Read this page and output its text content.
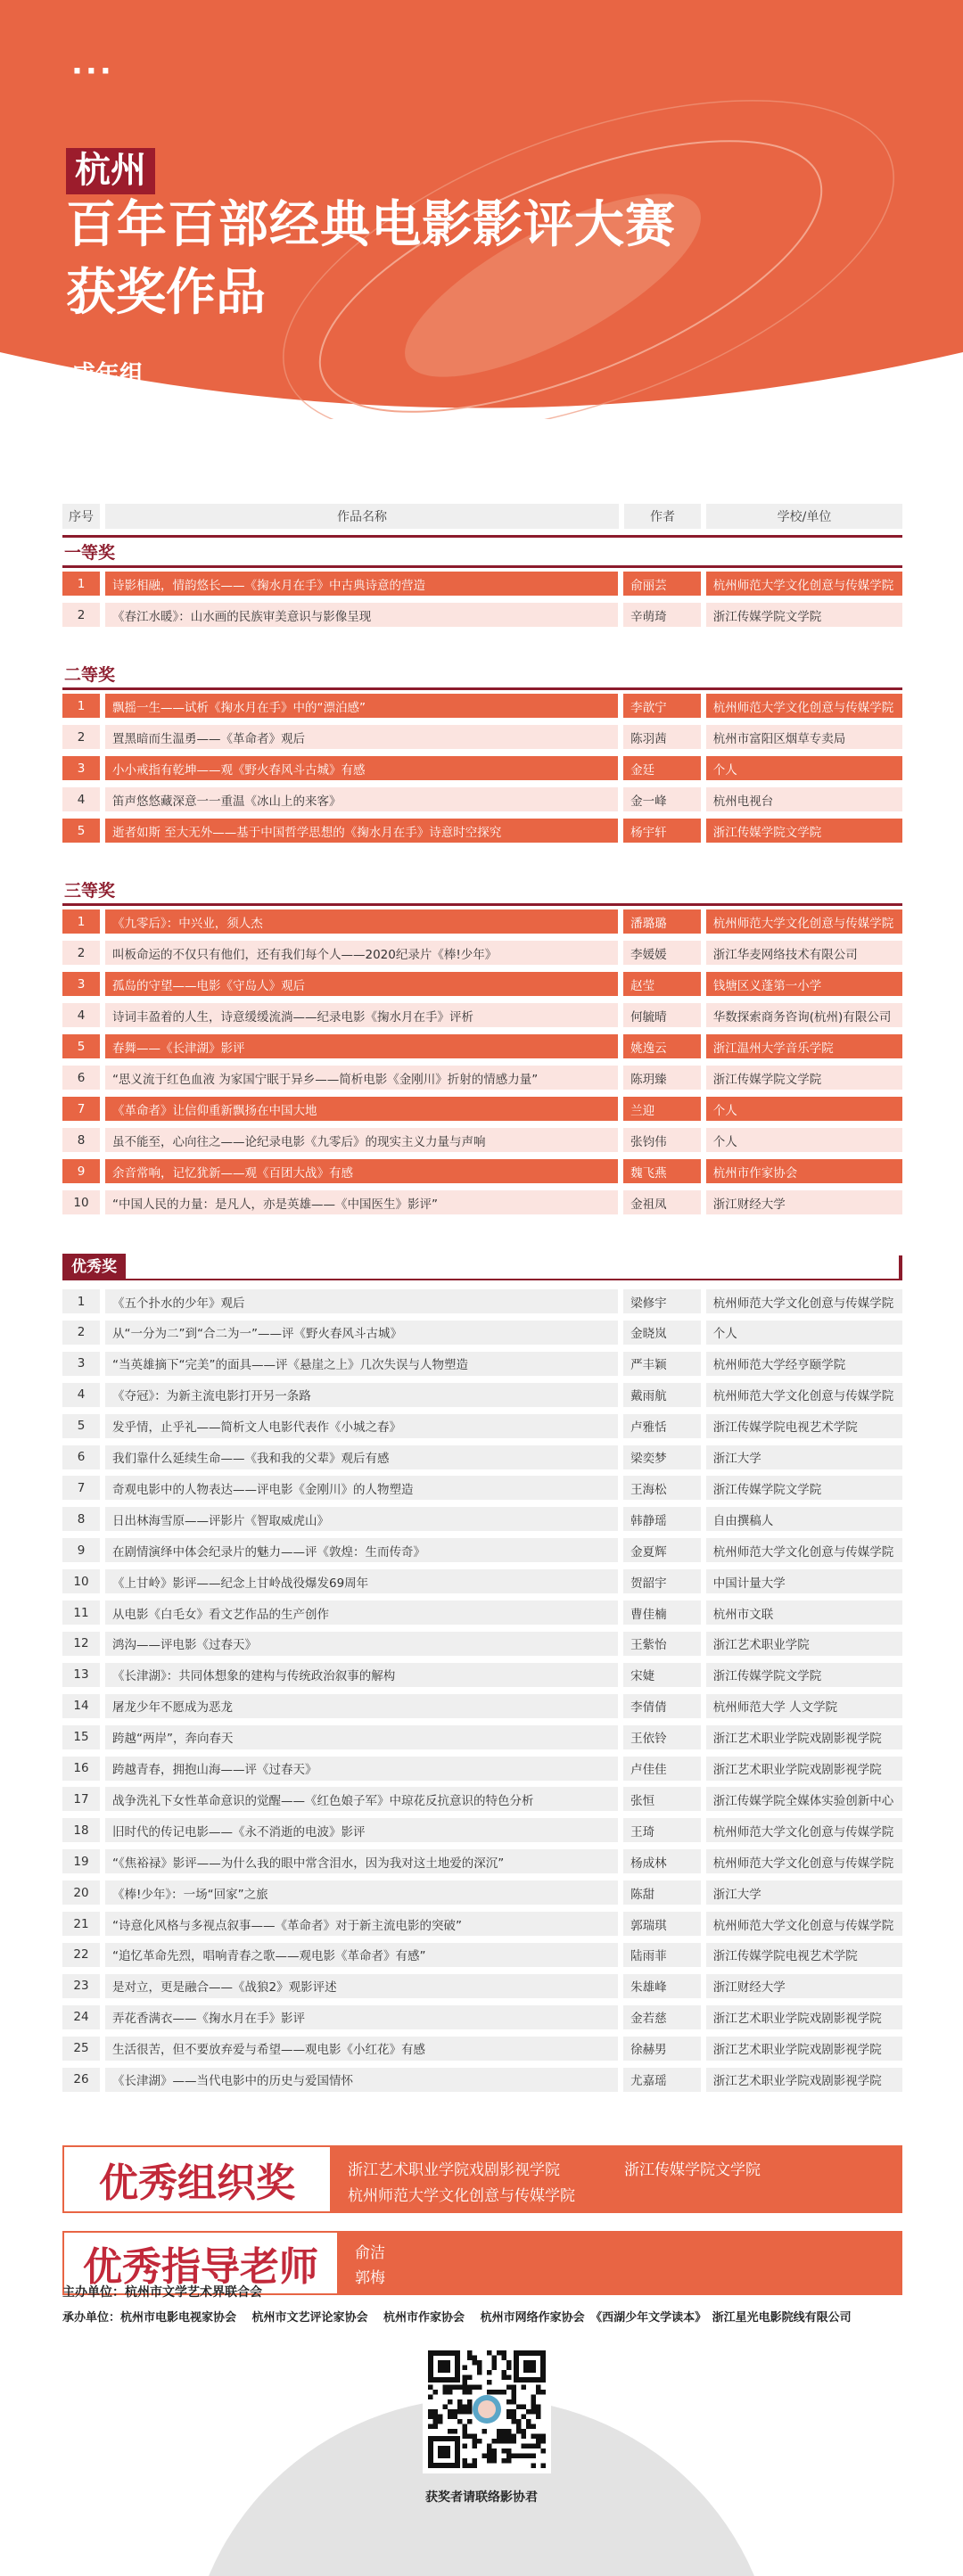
···
杭州
百年百部经典电影影评大赛
获奖作品
成年组
序号	作品名称	作者	学校/单位
一等奖
1	诗影相融，情韵悠长——《掬水月在手》中古典诗意的营造	俞丽芸	杭州师范大学文化创意与传媒学院
2	《春江水暖》：山水画的民族审美意识与影像呈现	辛萌琦	浙江传媒学院文学院
二等奖
1	飘摇一生——试析《掬水月在手》中的“漂泊感”	李歆宁	杭州师范大学文化创意与传媒学院
2	置黑暗而生温勇——《革命者》观后	陈羽茜	杭州市富阳区烟草专卖局
3	小小戒指有乾坤——观《野火春风斗古城》有感	金廷	个人
4	笛声悠悠藏深意一一重温《冰山上的来客》	金一峰	杭州电视台
5	逝者如斯 至大无外——基于中国哲学思想的《掬水月在手》诗意时空探究	杨宇轩	浙江传媒学院文学院
三等奖
1	《九零后》：中兴业，须人杰	潘璐璐	杭州师范大学文化创意与传媒学院
2	叫板命运的不仅只有他们，还有我们每个人——2020纪录片《棒!少年》	李媛媛	浙江华麦网络技术有限公司
3	孤岛的守望——电影《守岛人》观后	赵莹	钱塘区义蓬第一小学
4	诗词丰盈着的人生，诗意缓缓流淌——纪录电影《掬水月在手》评析	何毓晴	华数探索商务咨询(杭州)有限公司
5	春舞——《长津湖》影评	姚逸云	浙江温州大学音乐学院
6	“思义流于红色血液 为家国宁眠于异乡——简析电影《金刚川》折射的情感力量”	陈玥臻	浙江传媒学院文学院
7	《革命者》让信仰重新飘扬在中国大地	兰迎	个人
8	虽不能至，心向往之——论纪录电影《九零后》的现实主义力量与声响	张钧伟	个人
9	余音常响，记忆犹新——观《百团大战》有感	魏飞燕	杭州市作家协会
10	“中国人民的力量：是凡人，亦是英雄——《中国医生》影评”	金祖凤	浙江财经大学
优秀奖
1	《五个扑水的少年》观后	梁修宇	杭州师范大学文化创意与传媒学院
2	从“一分为二”到“合二为一”——评《野火春风斗古城》	金晓岚	个人
3	“当英雄摘下“完美”的面具——评《悬崖之上》几次失误与人物塑造	严丰颖	杭州师范大学经亨颐学院
4	《夺冠》：为新主流电影打开另一条路	戴雨航	杭州师范大学文化创意与传媒学院
5	发乎情，止乎礼——简析文人电影代表作《小城之春》	卢雅恬	浙江传媒学院电视艺术学院
6	我们靠什么延续生命——《我和我的父辈》观后有感	梁奕梦	浙江大学
7	奇观电影中的人物表达——评电影《金刚川》的人物塑造	王海松	浙江传媒学院文学院
8	日出林海雪原——评影片《智取威虎山》	韩静瑶	自由撰稿人
9	在剧情演绎中体会纪录片的魅力——评《敦煌：生而传奇》	金夏辉	杭州师范大学文化创意与传媒学院
10	《上甘岭》影评——纪念上甘岭战役爆发69周年	贺韶宇	中国计量大学
11	从电影《白毛女》看文艺作品的生产创作	曹佳楠	杭州市文联
12	鸿沟——评电影《过春天》	王紫怡	浙江艺术职业学院
13	《长津湖》：共同体想象的建构与传统政治叙事的解构	宋婕	浙江传媒学院文学院
14	屠龙少年不愿成为恶龙	李倩倩	杭州师范大学 人文学院
15	跨越“两岸”，奔向春天	王依铃	浙江艺术职业学院戏剧影视学院
16	跨越青春，拥抱山海——评《过春天》	卢佳佳	浙江艺术职业学院戏剧影视学院
17	战争洗礼下女性革命意识的觉醒——《红色娘子军》中琼花反抗意识的特色分析	张恒	浙江传媒学院全媒体实验创新中心
18	旧时代的传记电影——《永不消逝的电波》影评	王琦	杭州师范大学文化创意与传媒学院
19	“《焦裕禄》影评——为什么我的眼中常含泪水，因为我对这土地爱的深沉”	杨成林	杭州师范大学文化创意与传媒学院
20	《棒!少年》：一场“回家”之旅	陈甜	浙江大学
21	“诗意化风格与多视点叙事——《革命者》对于新主流电影的突破”	郭瑞琪	杭州师范大学文化创意与传媒学院
22	“追忆革命先烈，唱响青春之歌——观电影《革命者》有感”	陆雨菲	浙江传媒学院电视艺术学院
23	是对立，更是融合——《战狼2》观影评述	朱雄峰	浙江财经大学
24	弄花香满衣——《掬水月在手》影评	金若慈	浙江艺术职业学院戏剧影视学院
25	生活很苦，但不要放弃爱与希望——观电影《小红花》有感	徐赫男	浙江艺术职业学院戏剧影视学院
26	《长津湖》——当代电影中的历史与爱国情怀	尤嘉瑶	浙江艺术职业学院戏剧影视学院
优秀组织奖	浙江艺术职业学院戏剧影视学院	浙江传媒学院文学院
杭州师范大学文化创意与传媒学院
优秀指导老师	俞洁
郭梅
主办单位：杭州市文学艺术界联合会
承办单位：杭州市电影电视家协会　 杭州市文艺评论家协会　 杭州市作家协会　 杭州市网络作家协会　《西湖少年文学读本》　浙江星光电影院线有限公司
获奖者请联络影协君
